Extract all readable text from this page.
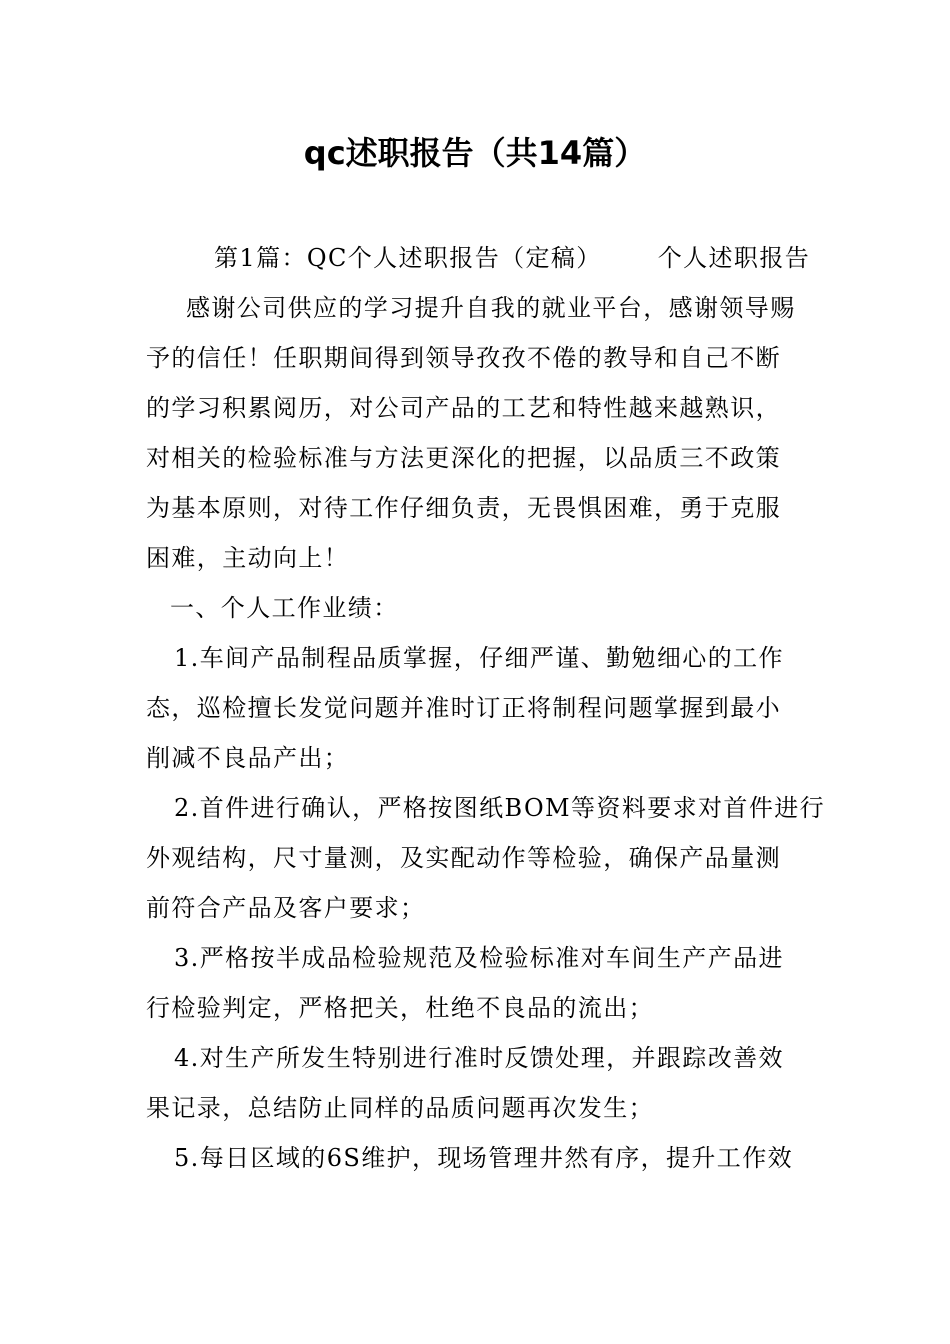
qc述职报告（共14篇）
第1篇：QC个人述职报告（定稿） 个人述职报告
感谢公司供应的学习提升自我的就业平台，感谢领导赐
予的信任！任职期间得到领导孜孜不倦的教导和自己不断
的学习积累阅历，对公司产品的工艺和特性越来越熟识，
对相关的检验标准与方法更深化的把握，以品质三不政策
为基本原则，对待工作仔细负责，无畏惧困难，勇于克服
困难，主动向上！
一、个人工作业绩：
1.车间产品制程品质掌握，仔细严谨、勤勉细心的工作
态，巡检擅长发觉问题并准时订正将制程问题掌握到最小
削减不良品产出；
2.首件进行确认，严格按图纸BOM等资料要求对首件进行
外观结构，尺寸量测，及实配动作等检验，确保产品量测
前符合产品及客户要求；
3.严格按半成品检验规范及检验标准对车间生产产品进
行检验判定，严格把关，杜绝不良品的流出；
4.对生产所发生特别进行准时反馈处理，并跟踪改善效
果记录，总结防止同样的品质问题再次发生；
5.每日区域的6S维护，现场管理井然有序，提升工作效
